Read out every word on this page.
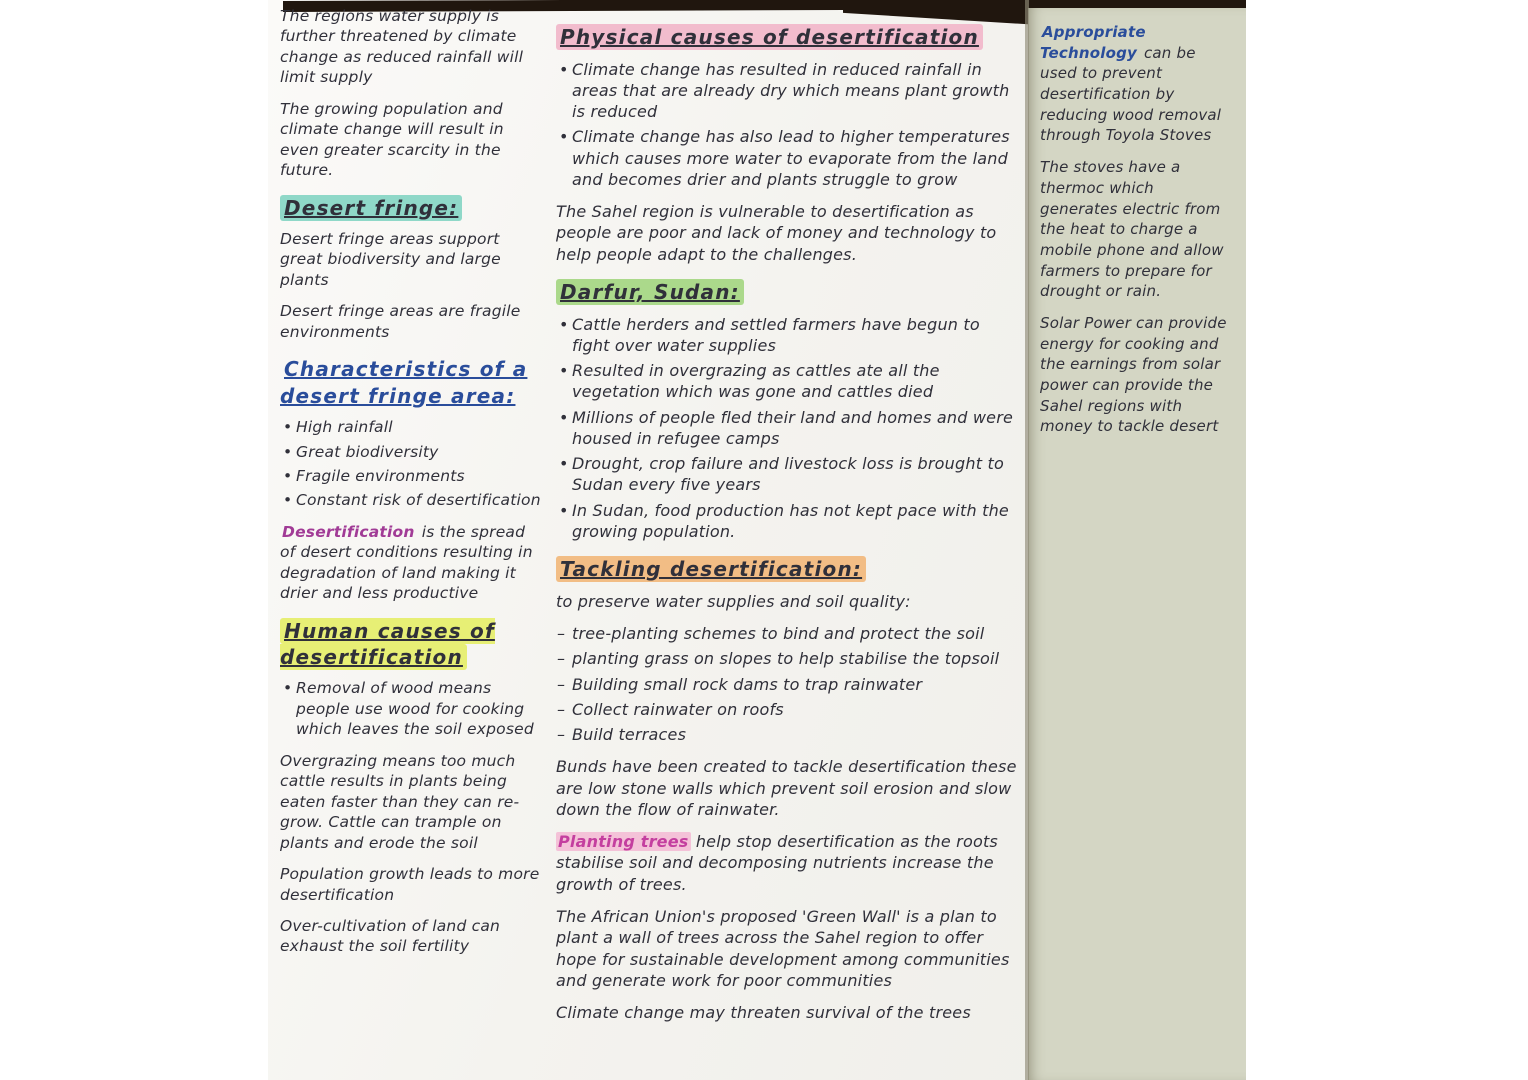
The regions water supply is further threatened by climate change as reduced rainfall will limit supply

The growing population and climate change will result in even greater scarcity in the future.

Desert fringe:

Desert fringe areas support great biodiversity and large plants

Desert fringe areas are fragile environments

Characteristics of a desert fringe area:
• High rainfall
• Great biodiversity
• Fragile environments
• Constant risk of desertification

Desertification is the spread of desert conditions resulting in degradation of land making it drier and less productive

Human causes of desertification
• Removal of wood means people use wood for cooking which leaves the soil exposed

Overgrazing means too much cattle results in plants being eaten faster than they can re-grow. Cattle can trample on plants and erode the soil

Population growth leads to more desertification

Over-cultivation of land can exhaust the soil fertility

Physical causes of desertification
• Climate change has resulted in reduced rainfall in areas that are already dry which means plant growth is reduced
• Climate change has also lead to higher temperatures which causes more water to evaporate from the land and becomes drier and plants struggle to grow

The Sahel region is vulnerable to desertification as people are poor and lack of money and technology to help people adapt to the challenges.

Darfur, Sudan:
• Cattle herders and settled farmers have begun to fight over water supplies
• Resulted in overgrazing as cattles ate all the vegetation which was gone and cattles died
• Millions of people fled their land and homes and were housed in refugee camps
• Drought, crop failure and livestock loss is brought to Sudan every five years
• In Sudan, food production has not kept pace with the growing population.
Tackling desertification:

to preserve water supplies and soil quality:

– tree-planting schemes to bind and protect the soil
– planting grass on slopes to help stabilise the topsoil
– Building small rock dams to trap rainwater
– Collect rainwater on roofs
– Build terraces

Bunds have been created to tackle desertification these are low stone walls which prevent soil erosion and slow down the flow of rainwater.

Planting trees help stop desertification as the roots stabilise soil and decomposing nutrients increase the growth of trees.

The African Union's proposed 'Green Wall' is a plan to plant a wall of trees across the Sahel region to offer hope for sustainable development among communities and generate work for poor communities

Climate change may threaten survival of the trees

Appropriate Technology can be used to prevent desertification by reducing wood removal through Toyola Stoves

The stoves have a thermoc which generates electric from the heat to charge a mobile phone and allow farmers to prepare for drought or rain.

Solar Power can provide energy for cooking and the earnings from solar power can provide the Sahel regions with money to tackle desert
